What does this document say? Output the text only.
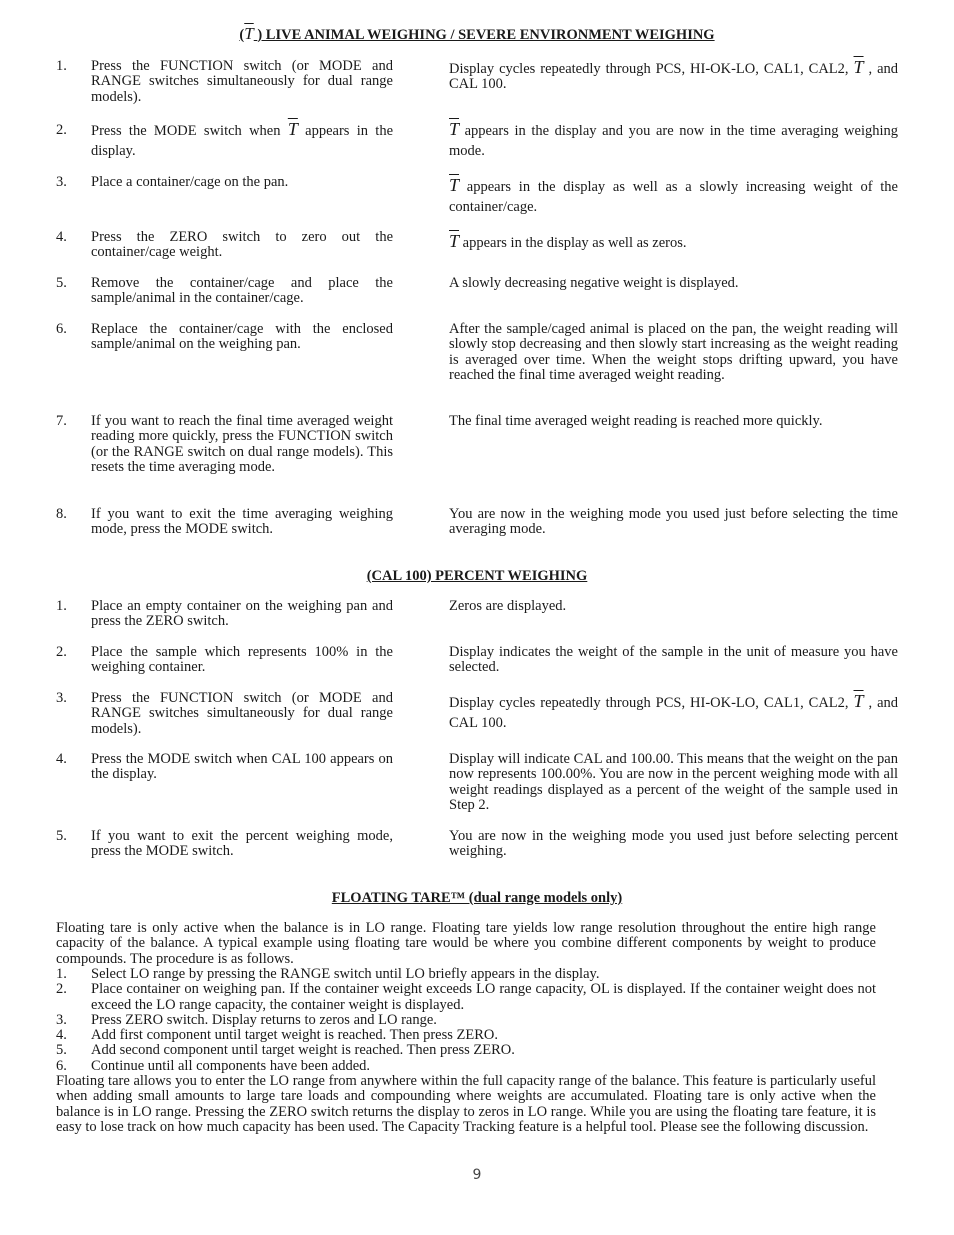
(T ) LIVE ANIMAL WEIGHING / SEVERE ENVIRONMENT WEIGHING
1. Press the FUNCTION switch (or MODE and RANGE switches simultaneously for dual range models).
Display cycles repeatedly through PCS, HI-OK-LO, CAL1, CAL2, $\overline{T}$ , and CAL 100.
2. Press the MODE switch when $\overline{T}$ appears in the display.
$\overline{T}$ appears in the display and you are now in the time averaging weighing mode.
3. Place a container/cage on the pan.	$\overline{T}$ appears in the display as well as a slowly increasing weight of the container/cage.
4. Press the ZERO switch to zero out the container/cage weight.
$\overline{T}$ appears in the display as well as zeros.
5. Remove the container/cage and place the sample/animal in the container/cage.
A slowly decreasing negative weight is displayed.
6. Replace the container/cage with the enclosed sample/animal on the weighing pan.
After the sample/caged animal is placed on the pan, the weight reading will slowly stop decreasing and then slowly start increasing as the weight reading is averaged over time. When the weight stops drifting upward, you have reached the final time averaged weight reading.
7. If you want to reach the final time averaged weight reading more quickly, press the FUNCTION switch (or the RANGE switch on dual range models). This resets the time averaging mode.
The final time averaged weight reading is reached more quickly.
8. If you want to exit the time averaging weighing mode, press the MODE switch.
You are now in the weighing mode you used just before selecting the time averaging mode.
(CAL 100) PERCENT WEIGHING
1. Place an empty container on the weighing pan and press the ZERO switch.
Zeros are displayed.
2. Place the sample which represents 100% in the weighing container.
Display indicates the weight of the sample in the unit of measure you have selected.
3. Press the FUNCTION switch (or MODE and RANGE switches simultaneously for dual range models).
Display cycles repeatedly through PCS, HI-OK-LO, CAL1, CAL2, $\overline{T}$ , and CAL 100.
4. Press the MODE switch when CAL 100 appears on the display.
Display will indicate CAL and 100.00. This means that the weight on the pan now represents 100.00%. You are now in the percent weighing mode with all weight readings displayed as a percent of the weight of the sample used in Step 2.
5. If you want to exit the percent weighing mode, press the MODE switch.
You are now in the weighing mode you used just before selecting percent weighing.
FLOATING TARE™ (dual range models only)
Floating tare is only active when the balance is in LO range. Floating tare yields low range resolution throughout the entire high range capacity of the balance. A typical example using floating tare would be where you combine different components by weight to produce compounds. The procedure is as follows.
1. Select LO range by pressing the RANGE switch until LO briefly appears in the display.
2. Place container on weighing pan. If the container weight exceeds LO range capacity, OL is displayed. If the container weight does not exceed the LO range capacity, the container weight is displayed.
3. Press ZERO switch. Display returns to zeros and LO range.
4. Add first component until target weight is reached. Then press ZERO.
5. Add second component until target weight is reached. Then press ZERO.
6. Continue until all components have been added.
Floating tare allows you to enter the LO range from anywhere within the full capacity range of the balance. This feature is particularly useful when adding small amounts to large tare loads and compounding where weights are accumulated. Floating tare is only active when the balance is in LO range. Pressing the ZERO switch returns the display to zeros in LO range. While you are using the floating tare feature, it is easy to lose track on how much capacity has been used. The Capacity Tracking feature is a helpful tool. Please see the following discussion.
9
